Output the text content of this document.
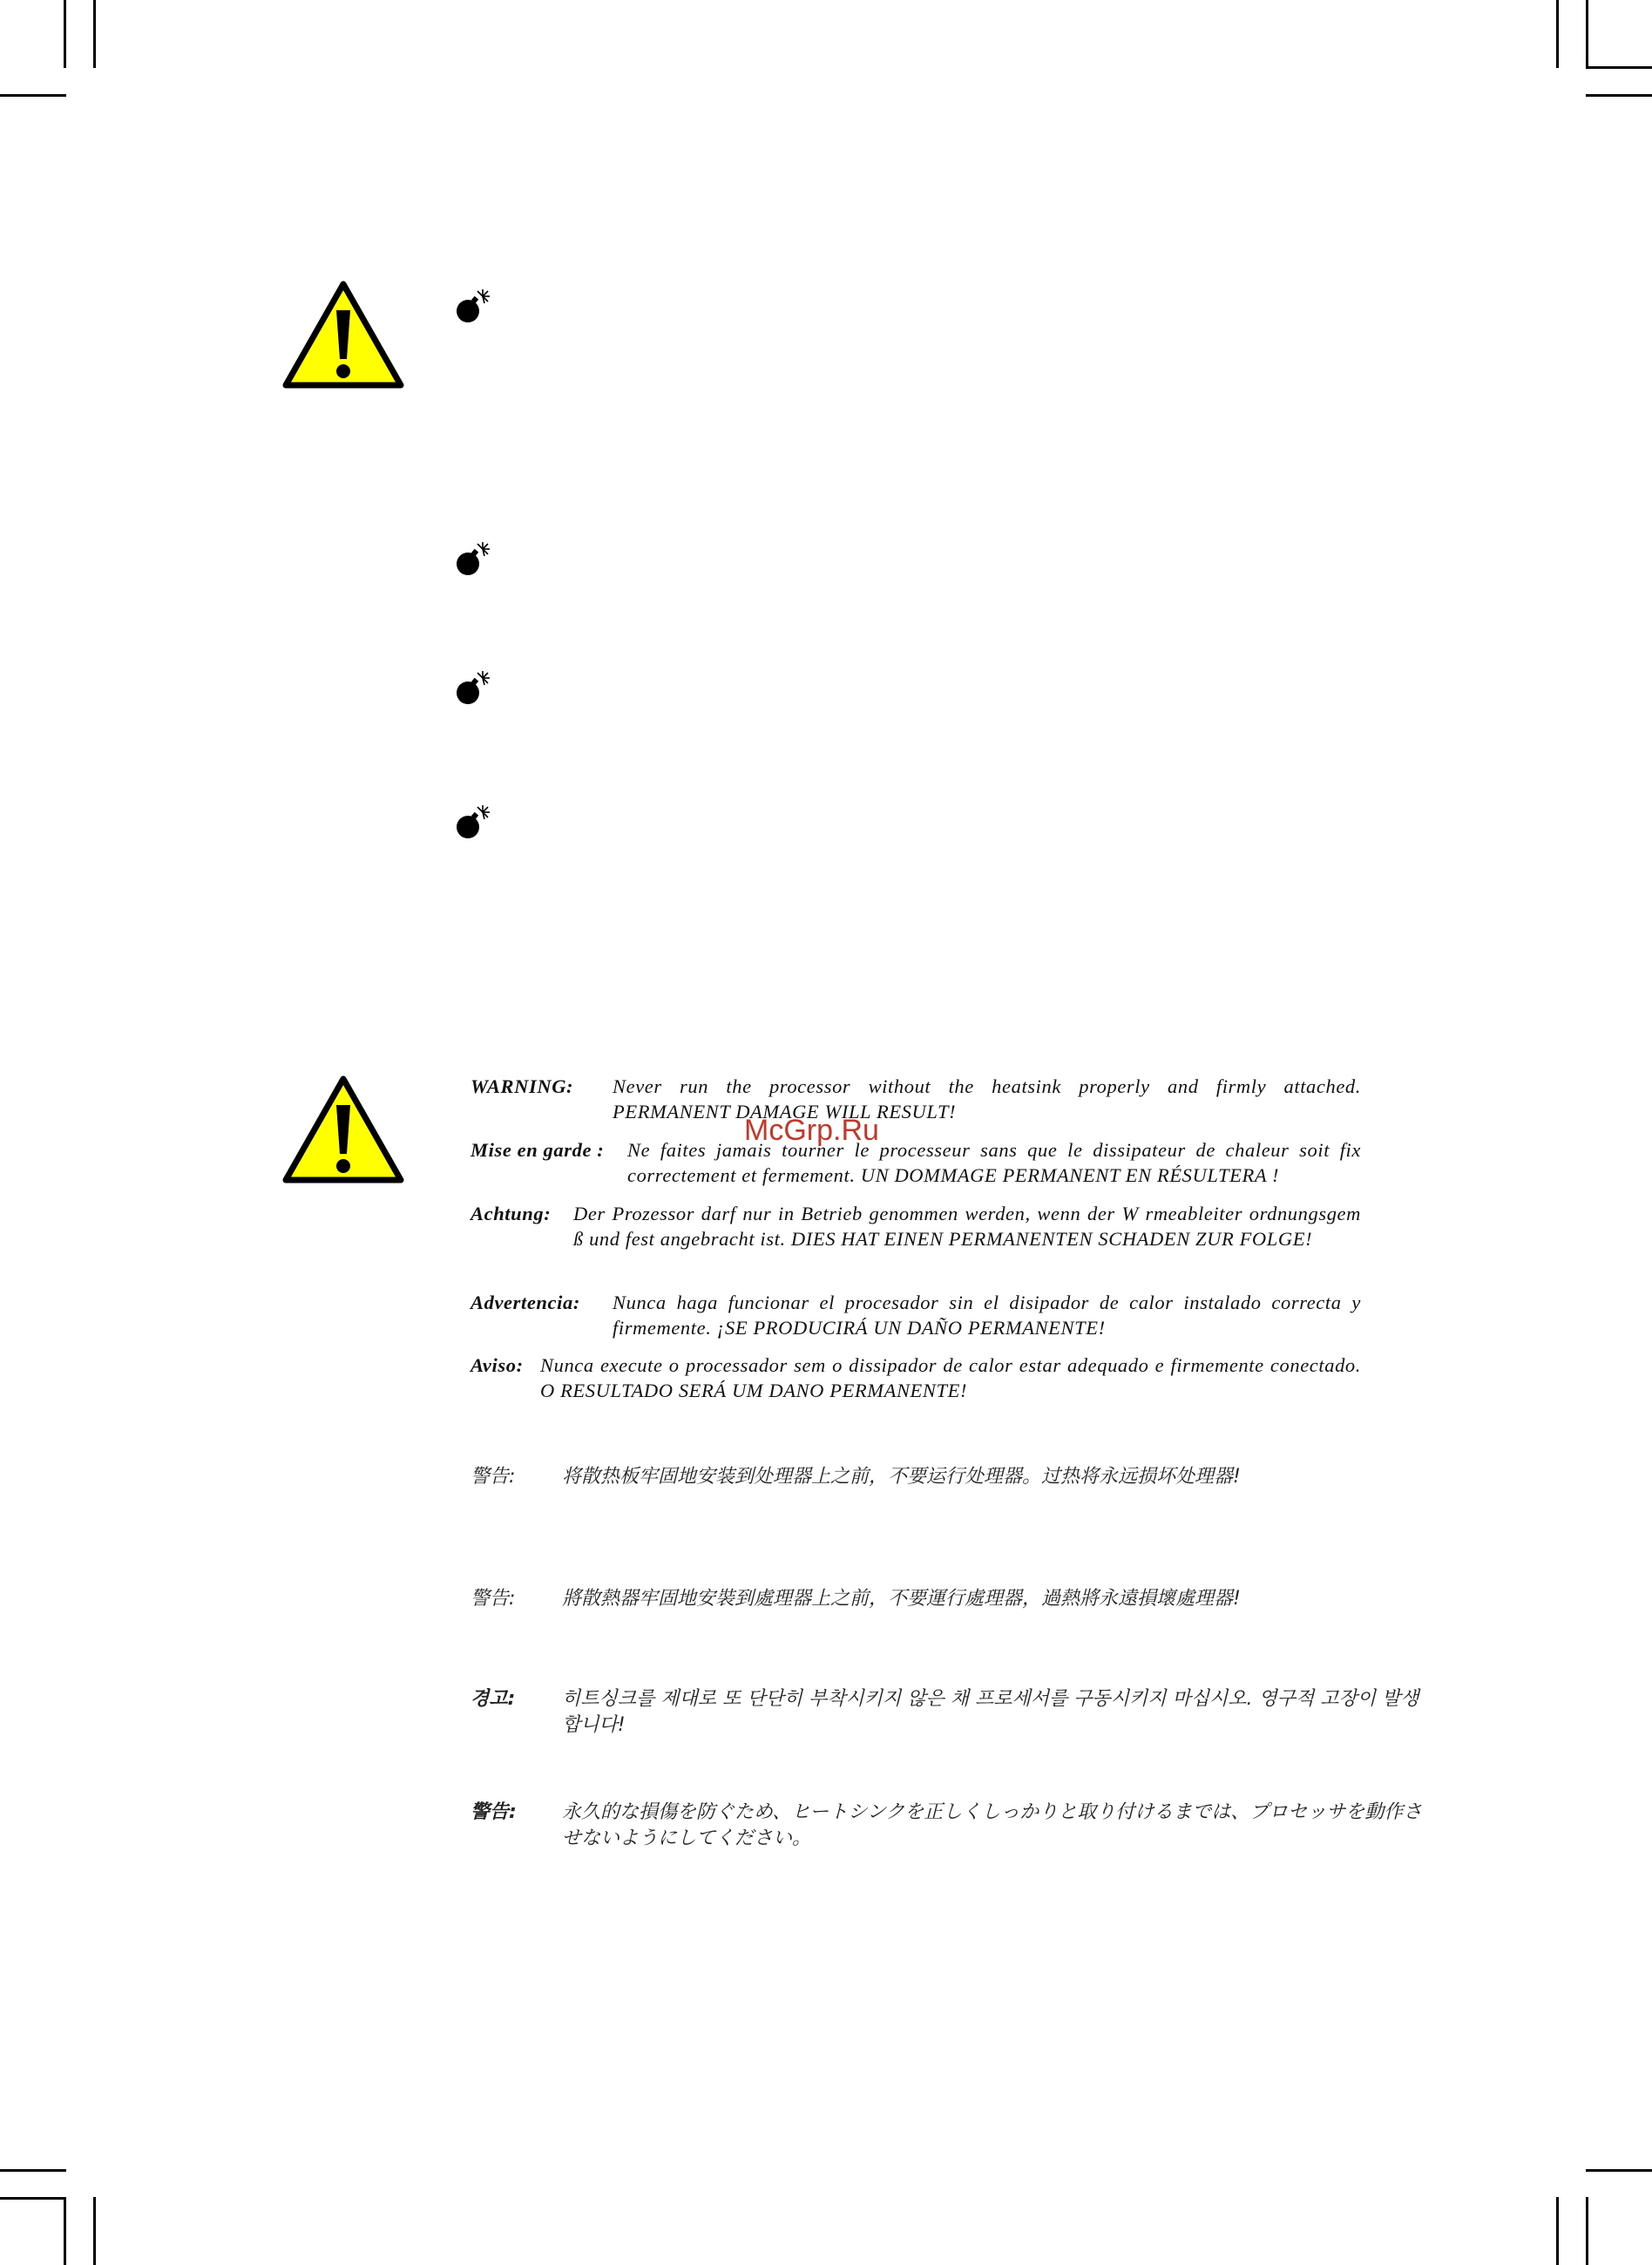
WARNING: Never run the processor without the heatsink properly and firmly attached. PERMANENT DAMAGE WILL RESULT!
Mise en garde : Ne faites jamais tourner le processeur sans que le dissipateur de chaleur soit fix correctement et fermement. UN DOMMAGE PERMANENT EN RÉSULTERA !
Achtung: Der Prozessor darf nur in Betrieb genommen werden, wenn der W rmeableiter ordnungsgem ß und fest angebracht ist. DIES HAT EINEN PERMANENTEN SCHADEN ZUR FOLGE!
Advertencia: Nunca haga funcionar el procesador sin el disipador de calor instalado correcta y firmemente. ¡SE PRODUCIRÁ UN DAÑO PERMANENTE!
Aviso: Nunca execute o processador sem o dissipador de calor estar adequado e firmemente conectado. O RESULTADO SERÁ UM DANO PERMANENTE!
警告: 将散热板牢固地安装到处理器上之前，不要运行处理器。过热将永远损坏处理器!
警告: 將散熱器牢固地安裝到處理器上之前，不要運行處理器，過熱將永遠損壞處理器!
경고: 히트싱크를 제대로 또 단단히 부착시키지 않은 채 프로세서를 구동시키지 마십시오. 영구적 고장이 발생합니다!
警告: 永久的な損傷を防ぐため、ヒートシンクを正しくしっかりと取り付けるまでは、プロセッサを動作させないようにしてください。
McGrp.Ru
